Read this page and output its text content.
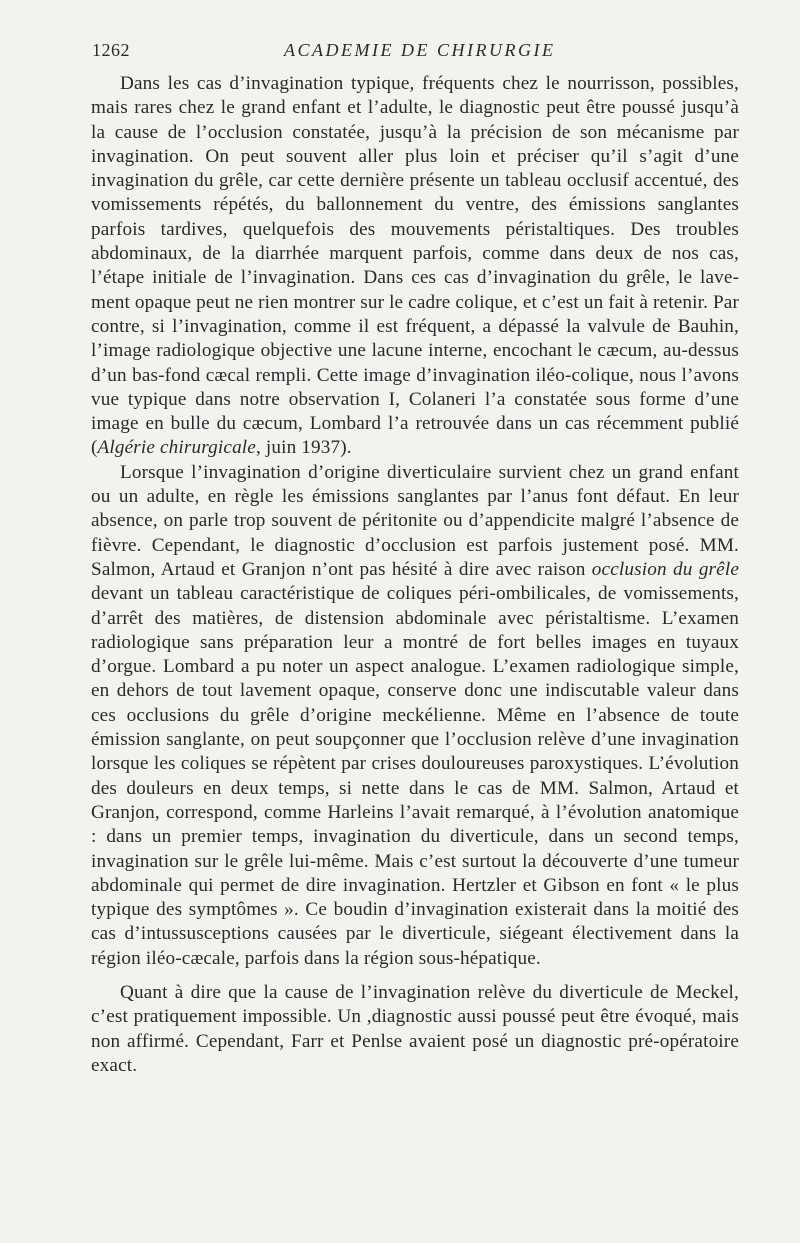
1262	ACADEMIE DE CHIRURGIE

Dans les cas d’invagination typique, fréquents chez le nourrisson, possibles, mais rares chez le grand enfant et l’adulte, le diagnostic peut être poussé jusqu’à la cause de l’occlusion constatée, jusqu’à la précision de son mécanisme par invagination. On peut souvent aller plus loin et préciser qu’il s’agit d’une invagination du grêle, car cette dernière présente un tableau occlusif accentué, des vomissements répétés, du ballonnement du ventre, des émissions sanglantes parfois tardives, quelquefois des mouvements péristaltiques. Des troubles abdominaux, de la diarrhée marquent parfois, comme dans deux de nos cas, l’étape initiale de l’invagination. Dans ces cas d’invagination du grêle, le lavement opaque peut ne rien montrer sur le cadre colique, et c’est un fait à retenir. Par contre, si l’invagination, comme il est fréquent, a dépassé la valvule de Bauhin, l’image radiologique objective une lacune interne, encochant le cæcum, au-dessus d’un bas-fond cæcal rempli. Cette image d’invagination iléo-colique, nous l’avons vue typique dans notre observation I, Colaneri l’a constatée sous forme d’une image en bulle du cæcum, Lombard l’a retrouvée dans un cas récemment publié (Algérie chirurgicale, juin 1937).

Lorsque l’invagination d’origine diverticulaire survient chez un grand enfant ou un adulte, en règle les émissions sanglantes par l’anus font défaut. En leur absence, on parle trop souvent de péritonite ou d’appendicite malgré l’absence de fièvre. Cependant, le diagnostic d’occlusion est parfois justement posé. MM. Salmon, Artaud et Granjon n’ont pas hésité à dire avec raison occlusion du grêle devant un tableau caractéristique de coliques péri-ombilicales, de vomissements, d’arrêt des matières, de distension abdominale avec péristaltisme. L’examen radiologique sans préparation leur a montré de fort belles images en tuyaux d’orgue. Lombard a pu noter un aspect analogue. L’examen radiologique simple, en dehors de tout lavement opaque, conserve donc une indiscutable valeur dans ces occlusions du grêle d’origine meckélienne. Même en l’absence de toute émission sanglante, on peut soupçonner que l’occlusion relève d’une invagination lorsque les coliques se répètent par crises douloureuses paroxystiques. L’évolution des douleurs en deux temps, si nette dans le cas de MM. Salmon, Artaud et Granjon, correspond, comme Harleins l’avait remarqué, à l’évolution anatomique : dans un premier temps, invagination du diverticule, dans un second temps, invagination sur le grêle lui-même. Mais c’est surtout la découverte d’une tumeur abdominale qui permet de dire invagination. Hertzler et Gibson en font « le plus typique des symptômes ». Ce boudin d’invagination existerait dans la moitié des cas d’intussusceptions causées par le diverticule, siégeant électivement dans la région iléo-cæcale, parfois dans la région sous-hépatique.

Quant à dire que la cause de l’invagination relève du diverticule de Meckel, c’est pratiquement impossible. Un ,diagnostic aussi poussé peut être évoqué, mais non affirmé. Cependant, Farr et Penlse avaient posé un diagnostic pré-opératoire exact.
